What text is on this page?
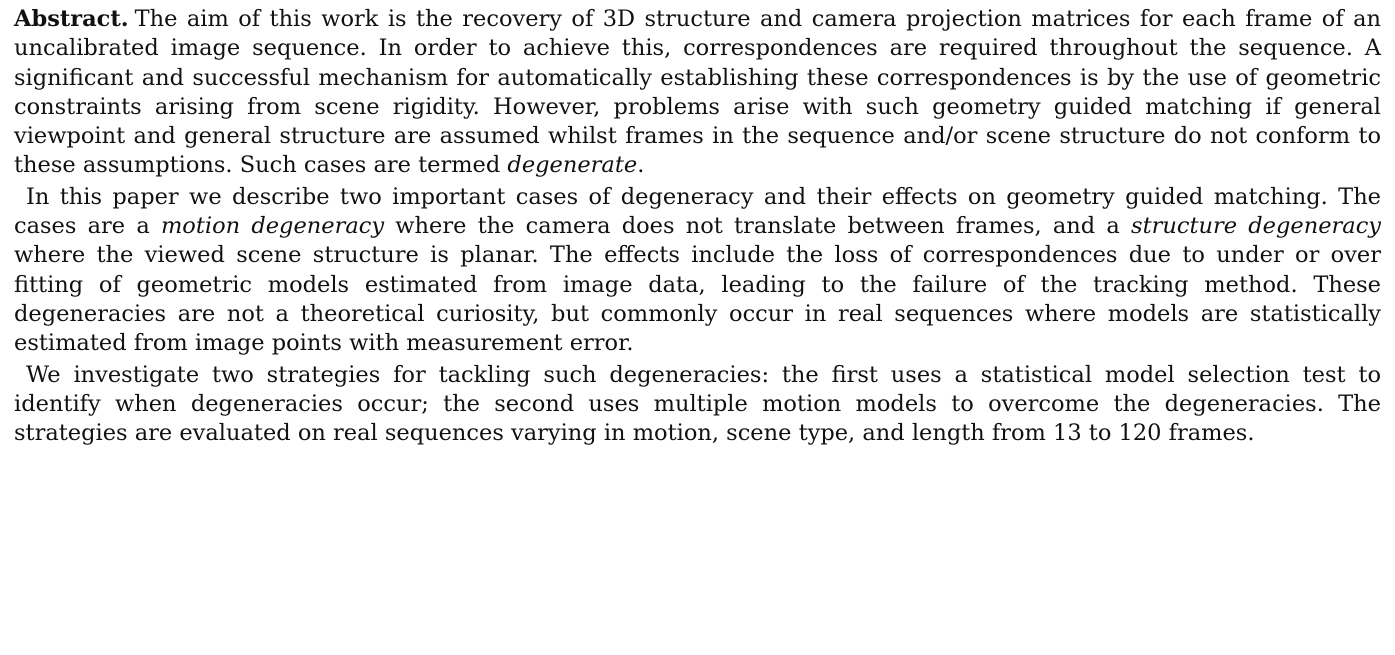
Abstract. The aim of this work is the recovery of 3D structure and camera projection matrices for each frame of an uncalibrated image sequence. In order to achieve this, correspondences are required throughout the sequence. A significant and successful mechanism for automatically establishing these correspondences is by the use of geometric constraints arising from scene rigidity. However, problems arise with such geometry guided matching if general viewpoint and general structure are assumed whilst frames in the sequence and/or scene structure do not conform to these assumptions. Such cases are termed degenerate.

In this paper we describe two important cases of degeneracy and their effects on geometry guided matching. The cases are a motion degeneracy where the camera does not translate between frames, and a structure degeneracy where the viewed scene structure is planar. The effects include the loss of correspondences due to under or over fitting of geometric models estimated from image data, leading to the failure of the tracking method. These degeneracies are not a theoretical curiosity, but commonly occur in real sequences where models are statistically estimated from image points with measurement error.

We investigate two strategies for tackling such degeneracies: the first uses a statistical model selection test to identify when degeneracies occur; the second uses multiple motion models to overcome the degeneracies. The strategies are evaluated on real sequences varying in motion, scene type, and length from 13 to 120 frames.
